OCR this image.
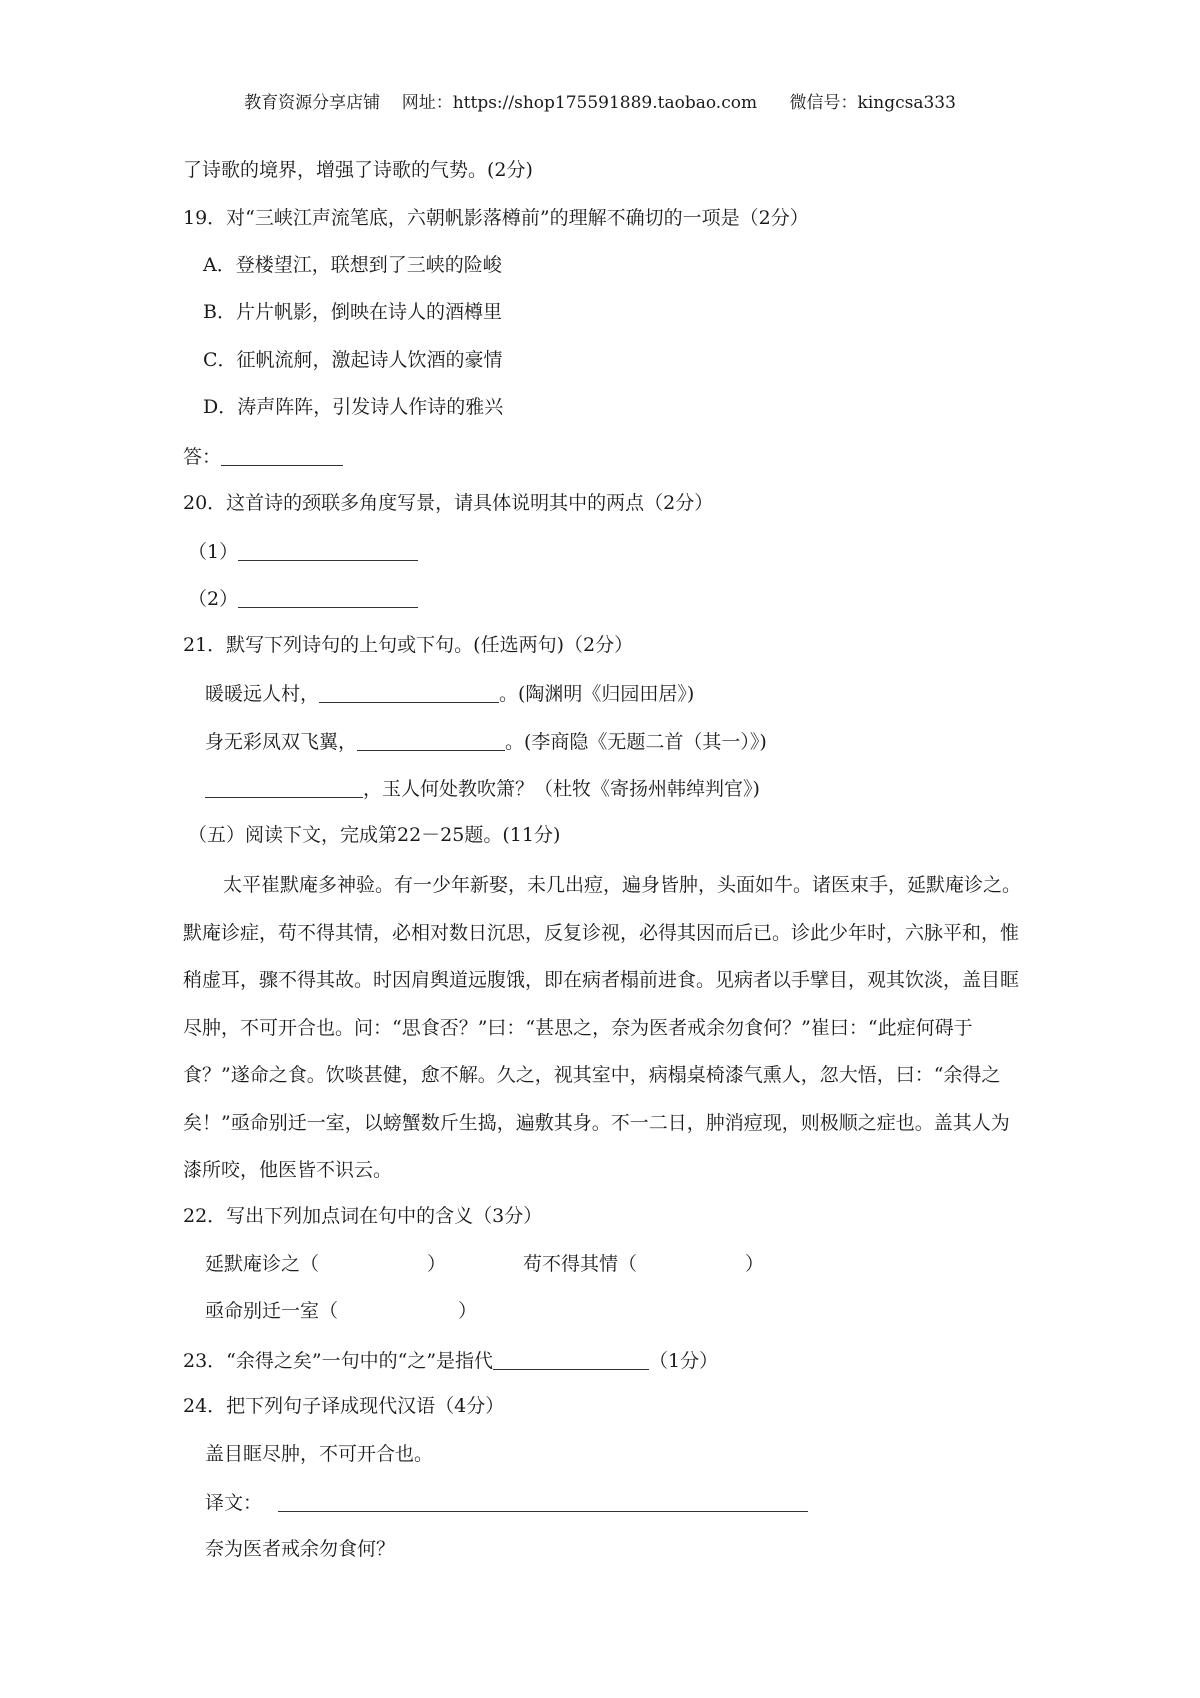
教育资源分享店铺 网址：https://shop175591889.taobao.com 微信号：kingcsa333
了诗歌的境界，增强了诗歌的气势。(2分)
19．对“三峡江声流笔底，六朝帆影落樽前”的理解不确切的一项是（2分）
A．登楼望江，联想到了三峡的险峻
B．片片帆影，倒映在诗人的酒樽里
C．征帆流舸，激起诗人饮酒的豪情
D．涛声阵阵，引发诗人作诗的雅兴
答：
20．这首诗的颈联多角度写景，请具体说明其中的两点（2分）
（1）
（2）
21．默写下列诗句的上句或下句。(任选两句)（2分）
暖暖远人村，	。(陶渊明《归园田居》)
身无彩凤双飞翼，	。(李商隐《无题二首（其一）》)
，玉人何处教吹箫？（杜牧《寄扬州韩绰判官》)
（五）阅读下文，完成第22－25题。(11分)
太平崔默庵多神验。有一少年新娶，未几出痘，遍身皆肿，头面如牛。诸医束手，延默庵诊之。默庵诊症，苟不得其情，必相对数日沉思，反复诊视，必得其因而后已。诊此少年时，六脉平和，惟稍虚耳，骤不得其故。时因肩舆道远腹饿，即在病者榻前进食。见病者以手擘目，观其饮淡，盖目眶尽肿，不可开合也。问：“思食否？”曰：“甚思之，奈为医者戒余勿食何？”崔曰：“此症何碍于食？”遂命之食。饮啖甚健，愈不解。久之，视其室中，病榻桌椅漆气熏人，忽大悟，曰：“余得之矣！”亟命别迁一室，以螃蟹数斤生捣，遍敷其身。不一二日，肿消痘现，则极顺之症也。盖其人为漆所咬，他医皆不识云。
22．写出下列加点词在句中的含义（3分）
延默庵诊之（	）	苟不得其情（	）
亟命别迁一室（	）
23．“余得之矣”一句中的“之”是指代	（1分）
24．把下列句子译成现代汉语（4分）
盖目眶尽肿，不可开合也。
译文：
奈为医者戒余勿食何？
